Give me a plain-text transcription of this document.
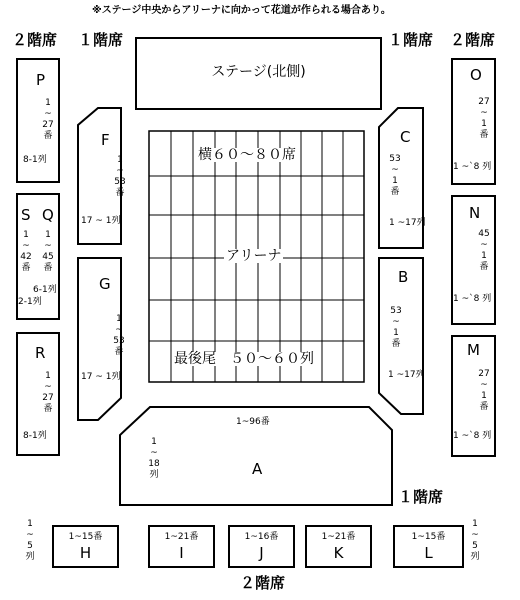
※ステージ中央からアリーナに向かって花道が作られる場合あり。
２階席 １階席	１階席 ２階席
１階席
２階席
ステージ(北側)
横６０～８０席
アリーナ
最後尾　５０～６０列
F
1
~
53
番
17 ~ 1列
G
1
~
53
番
17 ~ 1列
C
53
~
1
番
1 ~17列
B
53
~
1
番
1 ~17列
P
1
~
27
番
8-1列
S Q
1
~
42
番
1
~
45
番
6-1列
2-1列
R
1
~
27
番
8-1列
O
27
~
1
番
1 ~`8 列
N
45
~
1
番
1 ~`8 列
M
27
~
1
番
1 ~`8 列
1~96番
1
~
18
列	A
1
~
5
列
1
~
5
列
1~15番
H
1~21番
I
1~16番
J
1~21番
K
1~15番
L
